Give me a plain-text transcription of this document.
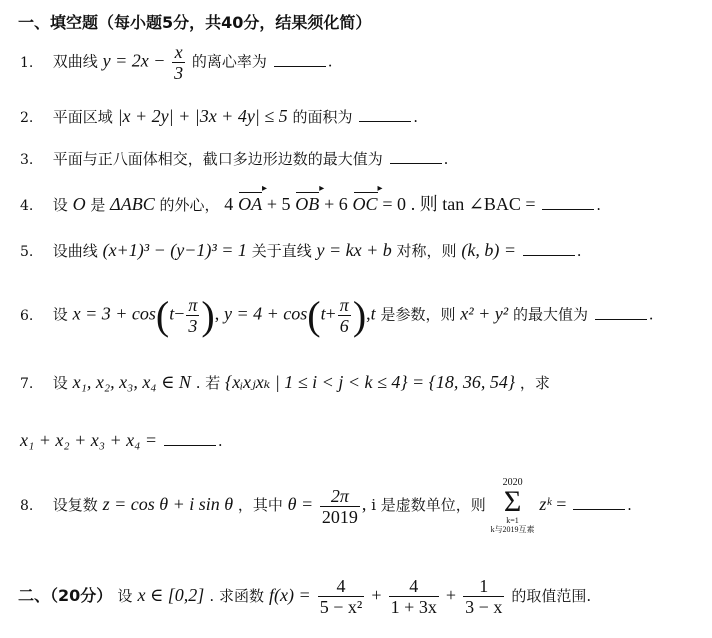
一、填空题（每小题5分，共40分，结果须化简）
1. 双曲线 $y = 2x - \frac{x}{3}$ 的离心率为	.
2. 平面区域 |x + 2y| + |3x + 4y| ≤ 5 的面积为	.
3. 平面与正八面体相交，截口多边形边数的最大值为	.
4. 设 O 是 ΔABC 的外心， 4 ▸ OA + 5 ▸ OB + 6 ▸ OC = 0 . 则 tan ∠BAC =	.
5. 设曲线 (x+1)³ − (y−1)³ = 1 关于直线 y = kx + b 对称，则 (k, b) =	.
6. 设 $x = 3 + \cos(t- \frac{\pi}{3}$ ), $y = 4 + \cos(t+ \frac{\pi}{6} ),t$ 是参数，则 x² + y² 的最大值为	.
7. 设 x₁, x₂, x₃, x₄ ∈ N . 若 {xᵢxⱼxₖ | 1 ≤ i < j < k ≤ 4} = {18, 36, 54} ，求
x₁ + x₂ + x₃ + x₄ =	.
8. 设复数 z = cos θ + i sin θ ，其中 $\theta = \frac{2\pi}{2019}$ , i 是虚数单位，则
2020
Σ
k=1
k与2019互素
zᵏ =	.
二、（20分） 设 x ∈ [0,2] . 求函数 $f(x) = \frac{4}{\text{5 − x²}} + \frac{4}{1 + 3x} + \frac{1}{3 - x}$ 的取值范围.
